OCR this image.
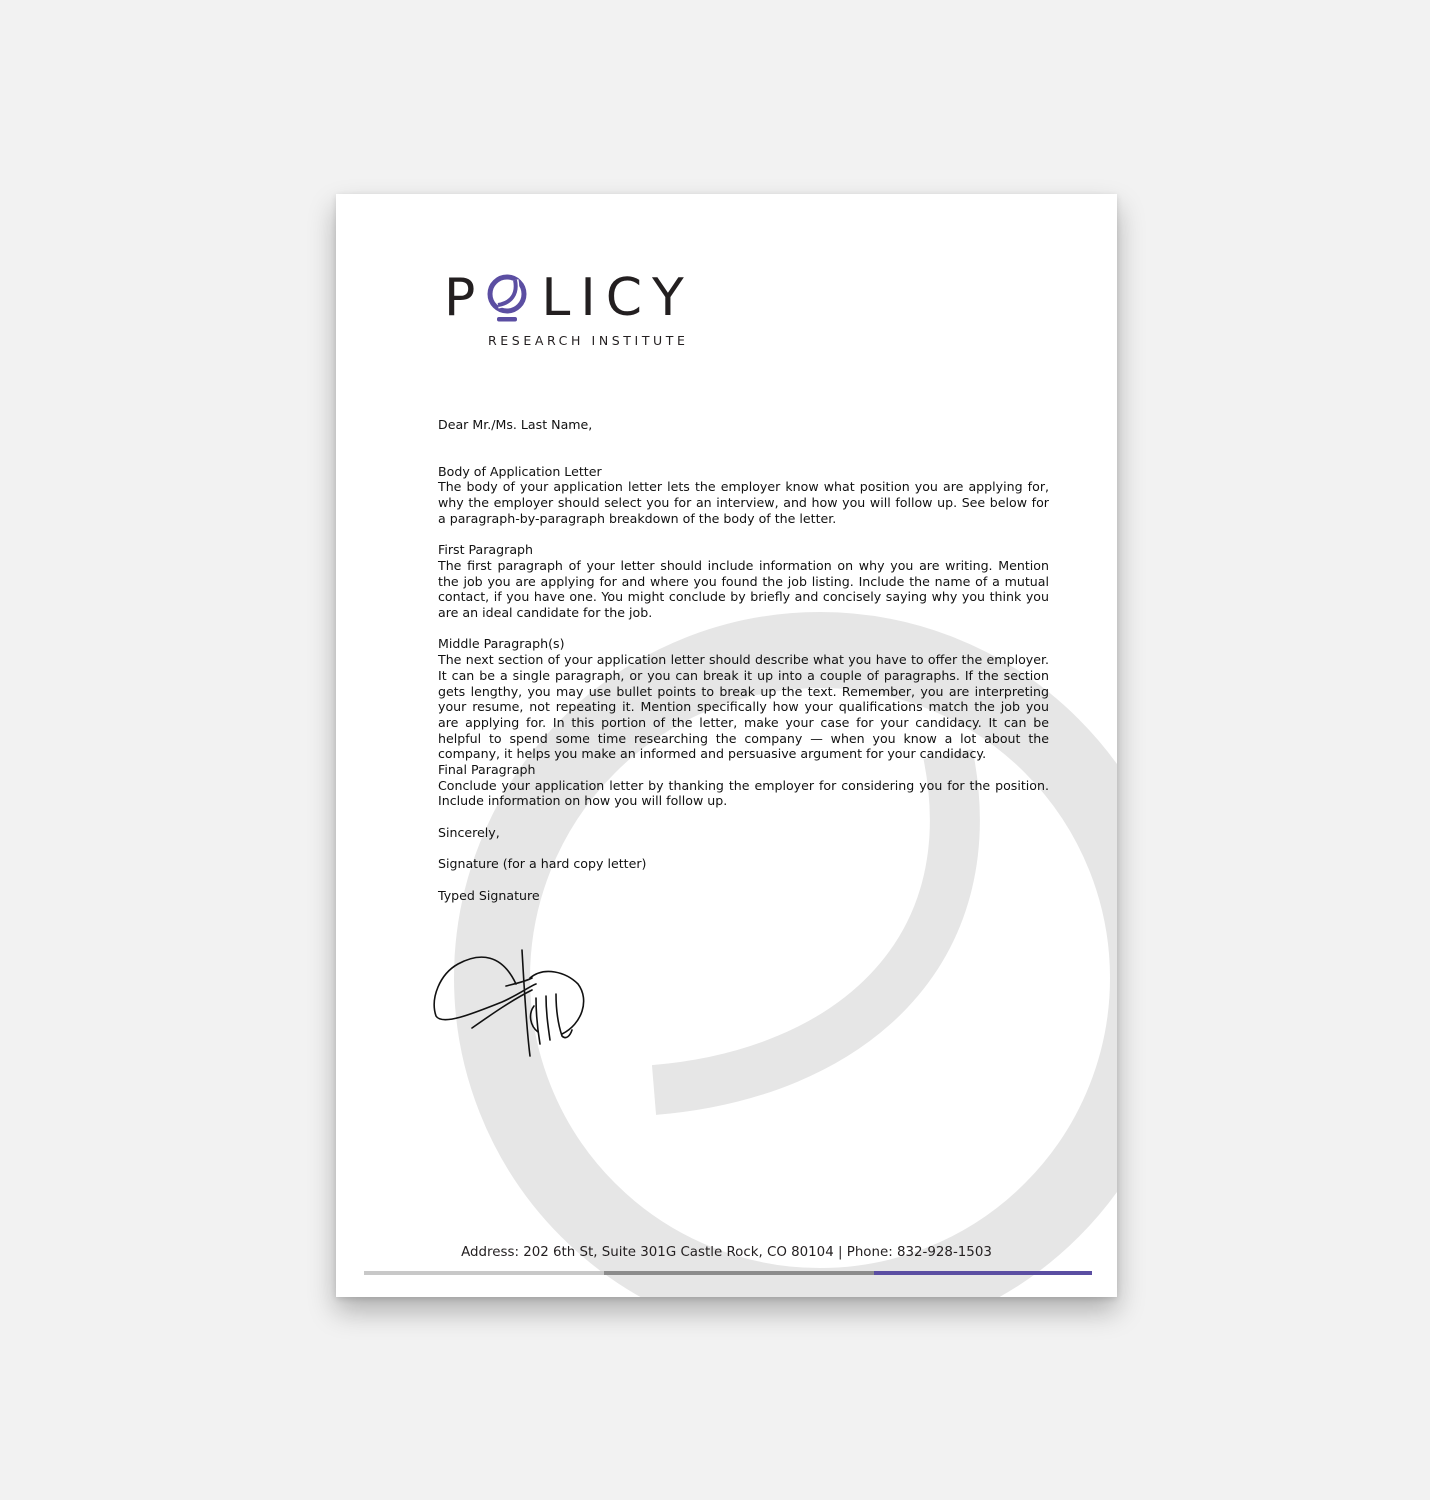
P L I C Y
RESEARCH INSTITUTE

Dear Mr./Ms. Last Name,

Body of Application Letter

The body of your application letter lets the employer know what position you are applying for, why the employer should select you for an interview, and how you will follow up. See below for a paragraph-by-paragraph breakdown of the body of the letter.

First Paragraph

The first paragraph of your letter should include information on why you are writing. Mention the job you are applying for and where you found the job listing. Include the name of a mutual contact, if you have one. You might conclude by briefly and concisely saying why you think you are an ideal candidate for the job.

Middle Paragraph(s)

The next section of your application letter should describe what you have to offer the employer. It can be a single paragraph, or you can break it up into a couple of paragraphs. If the section gets lengthy, you may use bullet points to break up the text. Remember, you are interpreting your resume, not repeating it. Mention specifically how your qualifications match the job you are applying for. In this portion of the letter, make your case for your candidacy. It can be helpful to spend some time researching the company — when you know a lot about the company, it helps you make an informed and persuasive argument for your candidacy.

Final Paragraph

Conclude your application letter by thanking the employer for considering you for the position. Include information on how you will follow up.

Sincerely,

Signature (for a hard copy letter)

Typed Signature

Address: 202 6th St, Suite 301G Castle Rock, CO 80104 | Phone: 832-928-1503
